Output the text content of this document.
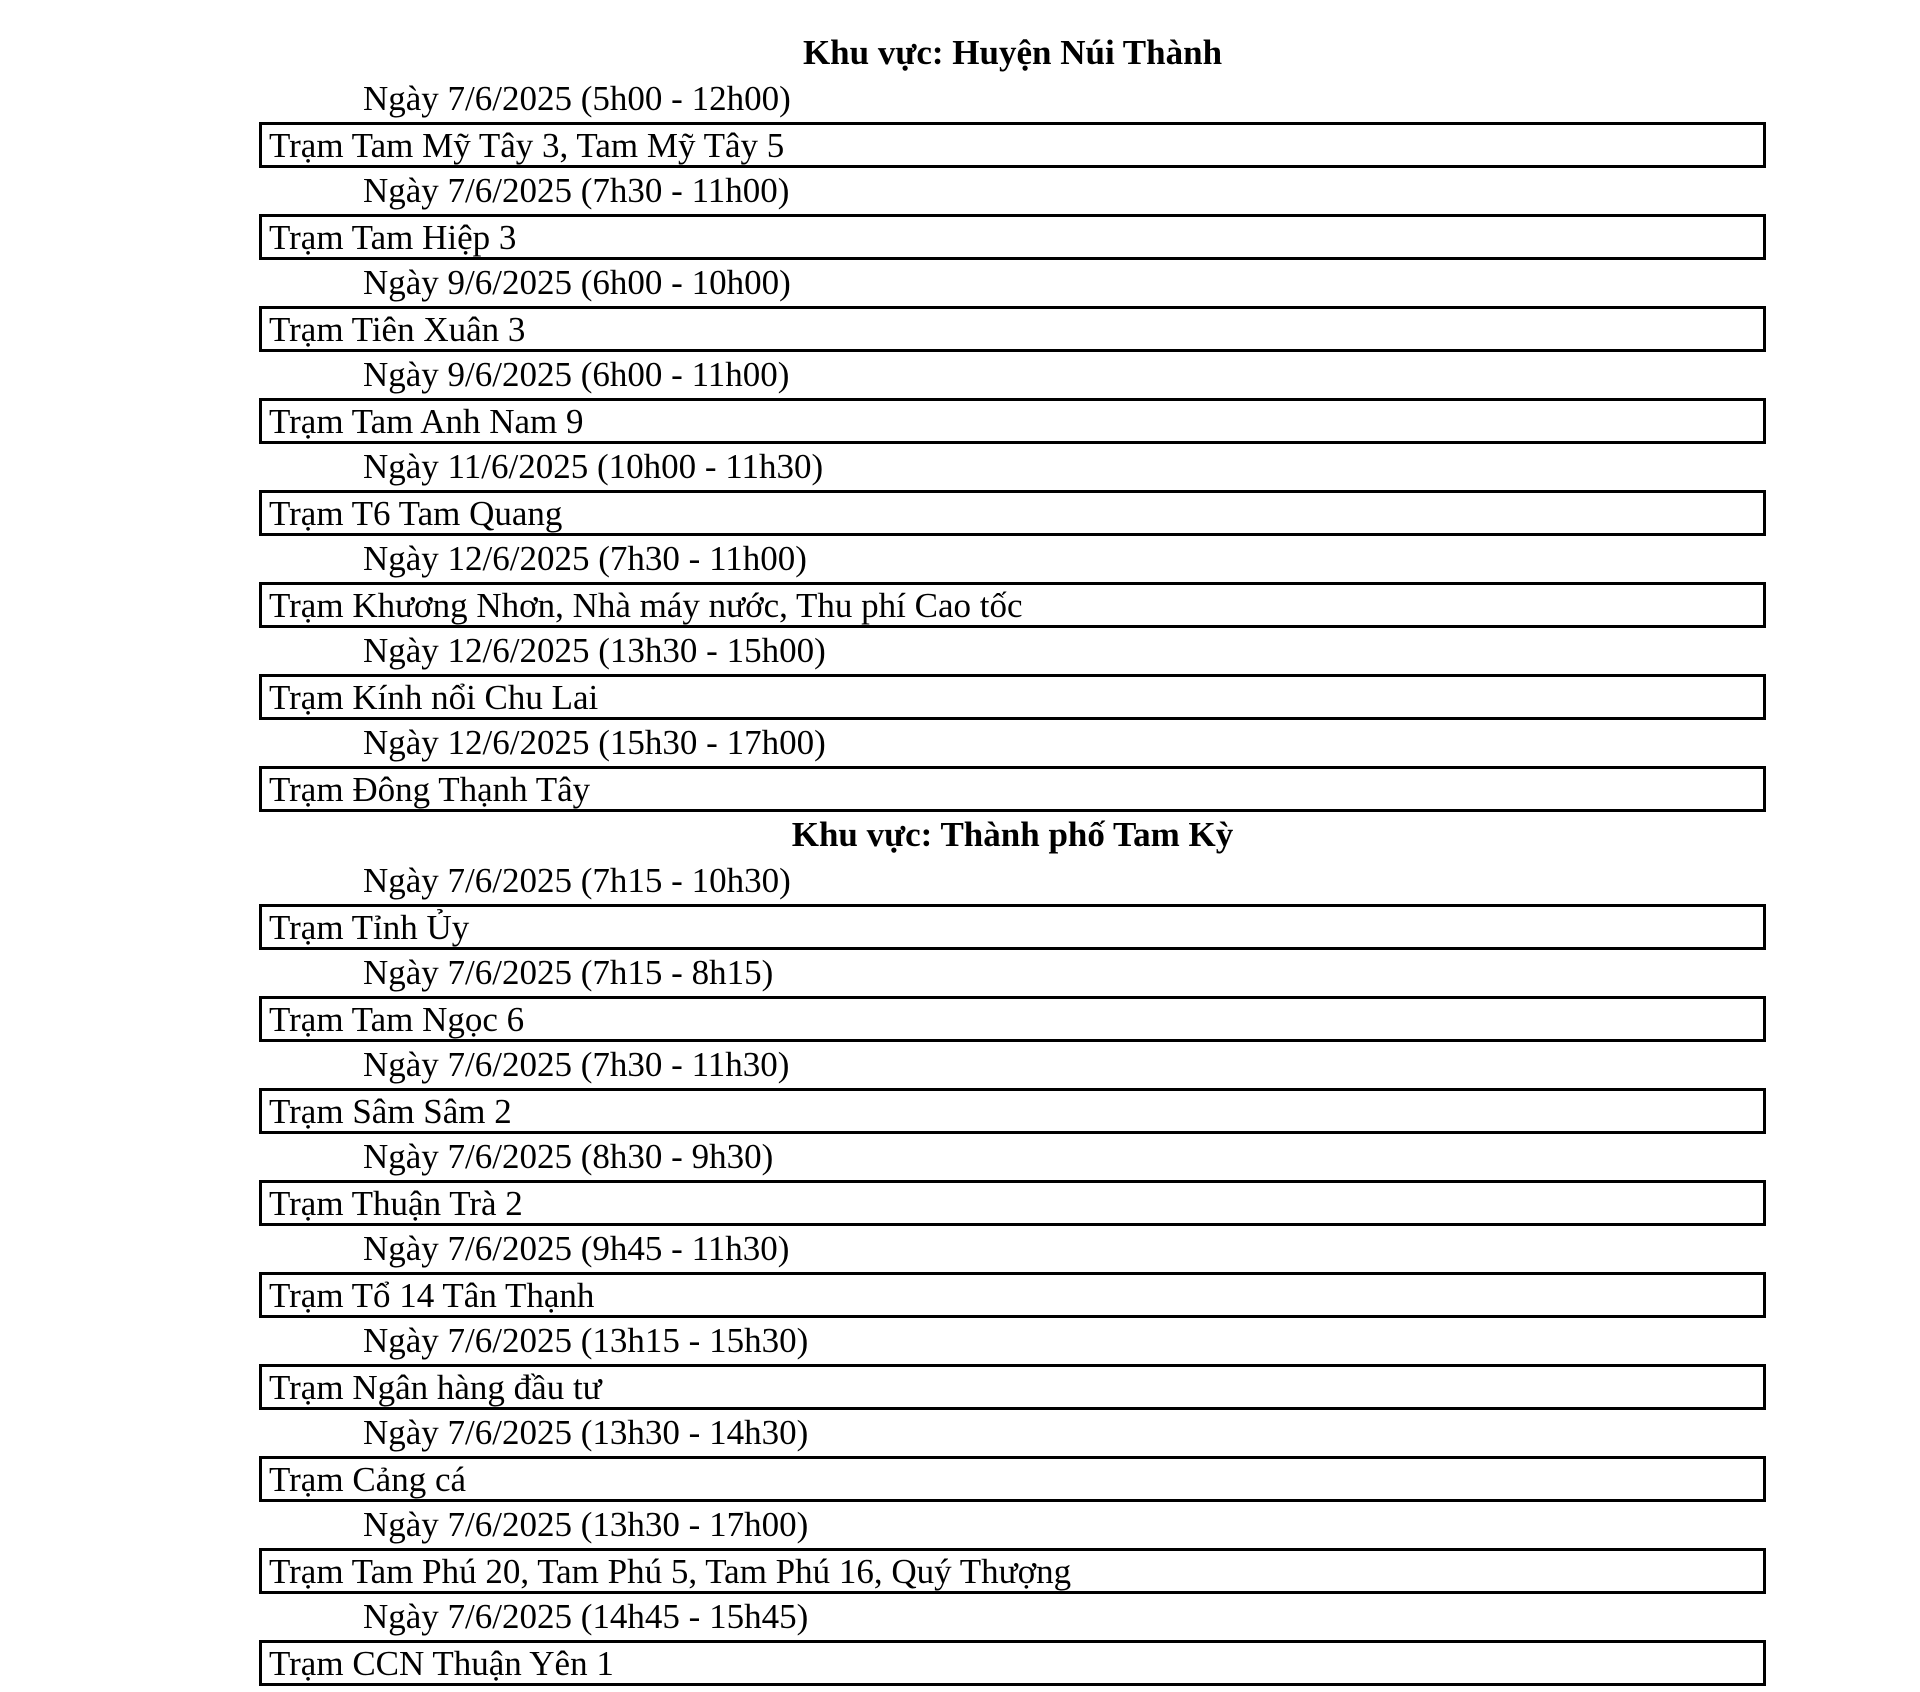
Khu vực: Huyện Núi Thành
Ngày 7/6/2025 (5h00 - 12h00)
Trạm Tam Mỹ Tây 3, Tam Mỹ Tây 5
Ngày 7/6/2025 (7h30 - 11h00)
Trạm Tam Hiệp 3
Ngày 9/6/2025 (6h00 - 10h00)
Trạm Tiên Xuân 3
Ngày 9/6/2025 (6h00 - 11h00)
Trạm Tam Anh Nam 9
Ngày 11/6/2025 (10h00 - 11h30)
Trạm T6 Tam Quang
Ngày 12/6/2025 (7h30 - 11h00)
Trạm Khương Nhơn, Nhà máy nước, Thu phí Cao tốc
Ngày 12/6/2025 (13h30 - 15h00)
Trạm Kính nổi Chu Lai
Ngày 12/6/2025 (15h30 - 17h00)
Trạm Đông Thạnh Tây
Khu vực: Thành phố Tam Kỳ
Ngày 7/6/2025 (7h15 - 10h30)
Trạm Tỉnh Ủy
Ngày 7/6/2025 (7h15 - 8h15)
Trạm Tam Ngọc 6
Ngày 7/6/2025 (7h30 - 11h30)
Trạm Sâm Sâm 2
Ngày 7/6/2025 (8h30 - 9h30)
Trạm Thuận Trà 2
Ngày 7/6/2025 (9h45 - 11h30)
Trạm Tổ 14 Tân Thạnh
Ngày 7/6/2025 (13h15 - 15h30)
Trạm Ngân hàng đầu tư
Ngày 7/6/2025 (13h30 - 14h30)
Trạm Cảng cá
Ngày 7/6/2025 (13h30 - 17h00)
Trạm Tam Phú 20, Tam Phú 5, Tam Phú 16, Quý Thượng
Ngày 7/6/2025 (14h45 - 15h45)
Trạm CCN Thuận Yên 1
